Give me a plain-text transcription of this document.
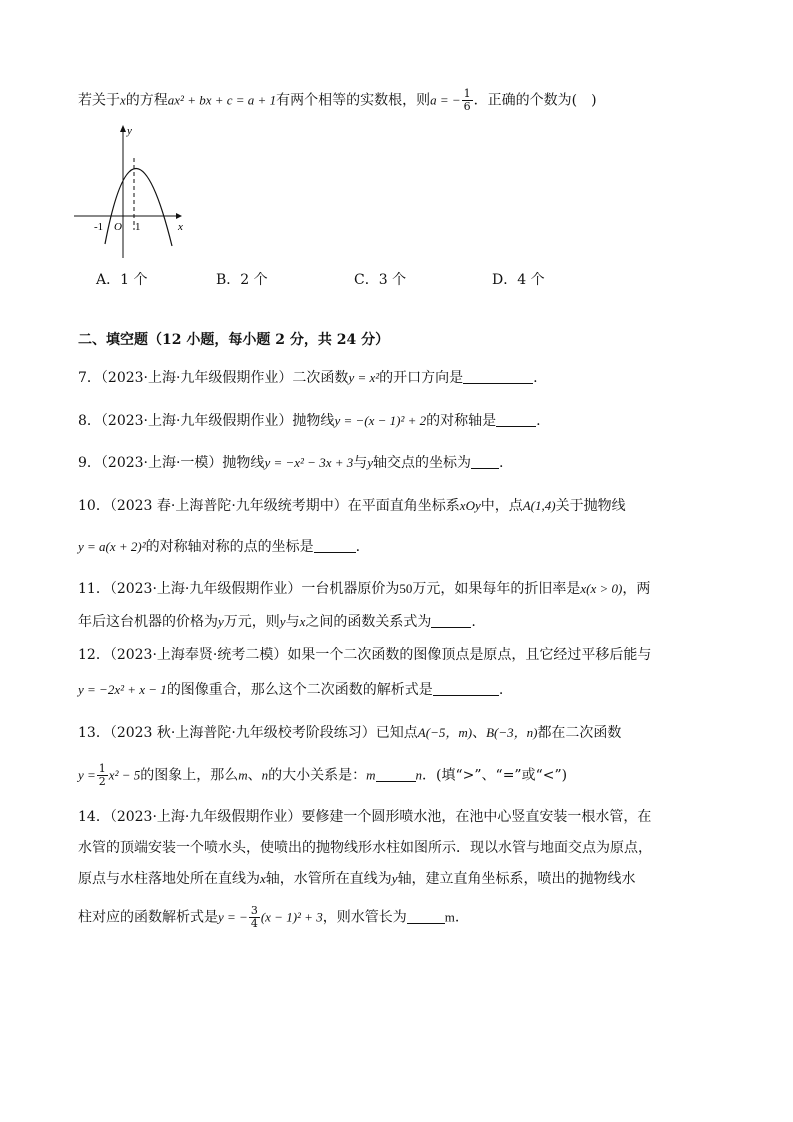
若关于x的方程ax² + bx + c = a + 1有两个相等的实数根，则a = − $\frac{1}{6}$ ．正确的个数为(　)
y
x
O
-1	1
A．1 个	B．2 个	C．3 个	D．4 个
二、填空题（12 小题，每小题 2 分，共 24 分）
7．（2023·上海·九年级假期作业）二次函数y = x²的开口方向是	.
8．（2023·上海·九年级假期作业）抛物线y = −(x − 1)² + 2的对称轴是	.
9．（2023·上海·一模）抛物线y = −x² − 3x + 3与y轴交点的坐标为 .
10．（2023 春·上海普陀·九年级统考期中）在平面直角坐标系xOy中，点A(1,4)关于抛物线
y = a(x + 2)²的对称轴对称的点的坐标是	.
11．（2023·上海·九年级假期作业）一台机器原价为50万元，如果每年的折旧率是x(x > 0)，两
年后这台机器的价格为y万元，则y与x之间的函数关系式为	.
12．（2023·上海奉贤·统考二模）如果一个二次函数的图像顶点是原点，且它经过平移后能与
y = −2x² + x − 1的图像重合，那么这个二次函数的解析式是	.
13．（2023 秋·上海普陀·九年级校考阶段练习）已知点A(−5，m)、B(−3，n)都在二次函数
$y = \frac{1}{2} x^2 - 5$的图象上，那么m、n的大小关系是：m	n．(填“>”、“=”或“<”)
14．（2023·上海·九年级假期作业）要修建一个圆形喷水池，在池中心竖直安装一根水管，在
水管的顶端安装一个喷水头，使喷出的抛物线形水柱如图所示．现以水管与地面交点为原点，
原点与水柱落地处所在直线为x轴，水管所在直线为y轴，建立直角坐标系，喷出的抛物线水
柱对应的函数解析式是y = − $\frac{3}{4} (x - 1)^2 + 3$，则水管长为	m.
